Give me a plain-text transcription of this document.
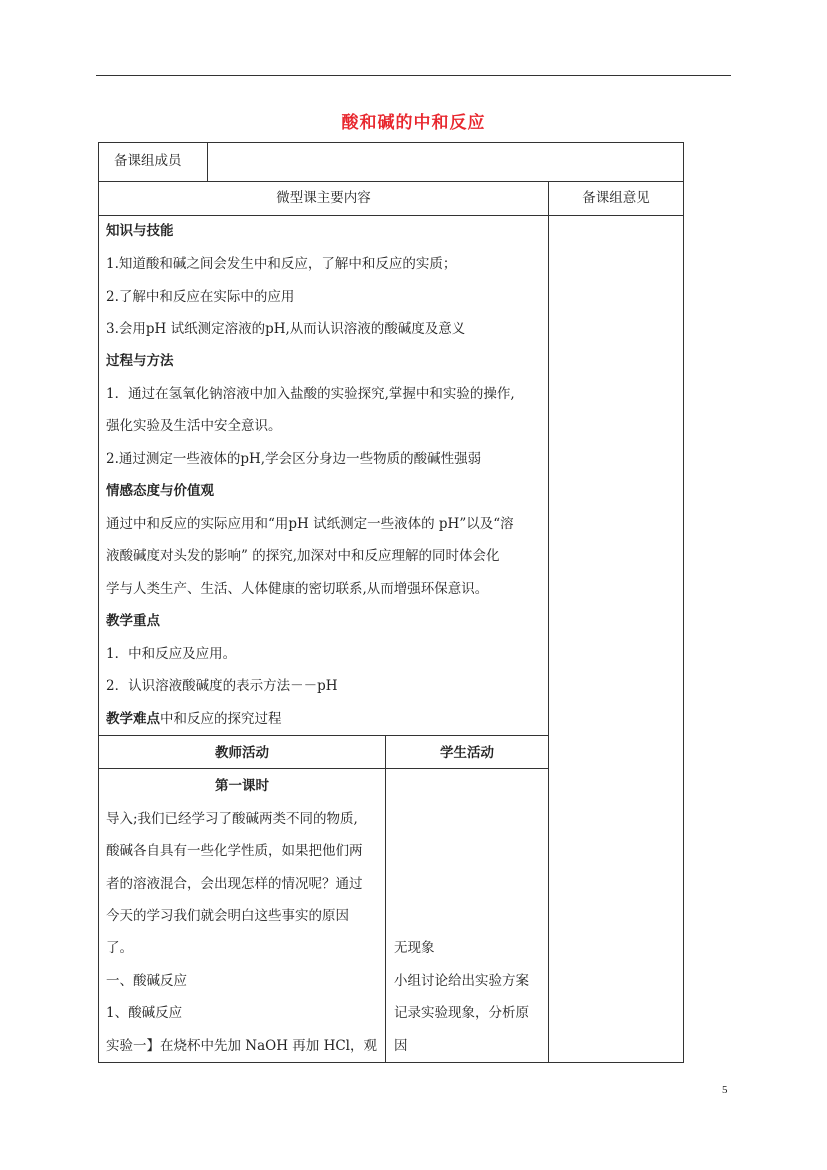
酸和碱的中和反应
备课组成员
微型课主要内容	备课组意见
知识与技能
1.知道酸和碱之间会发生中和反应，了解中和反应的实质；
2.了解中和反应在实际中的应用
3.会用pH 试纸测定溶液的pH,从而认识溶液的酸碱度及意义
过程与方法
1．通过在氢氧化钠溶液中加入盐酸的实验探究,掌握中和实验的操作,
强化实验及生活中安全意识。
2.通过测定一些液体的pH,学会区分身边一些物质的酸碱性强弱
情感态度与价值观
通过中和反应的实际应用和“用pH 试纸测定一些液体的 pH”以及“溶
液酸碱度对头发的影响” 的探究,加深对中和反应理解的同时体会化
学与人类生产、生活、人体健康的密切联系,从而增强环保意识。
教学重点
1．中和反应及应用。
2．认识溶液酸碱度的表示方法－－pH
教学难点中和反应的探究过程
教师活动	学生活动
第一课时
导入;我们已经学习了酸碱两类不同的物质,
酸碱各自具有一些化学性质，如果把他们两
者的溶液混合，会出现怎样的情况呢？通过
今天的学习我们就会明白这些事实的原因
了。
一、酸碱反应
1、酸碱反应
实验一】在烧杯中先加 NaOH 再加 HCl，观
无现象
小组讨论给出实验方案
记录实验现象，分析原
因
5
